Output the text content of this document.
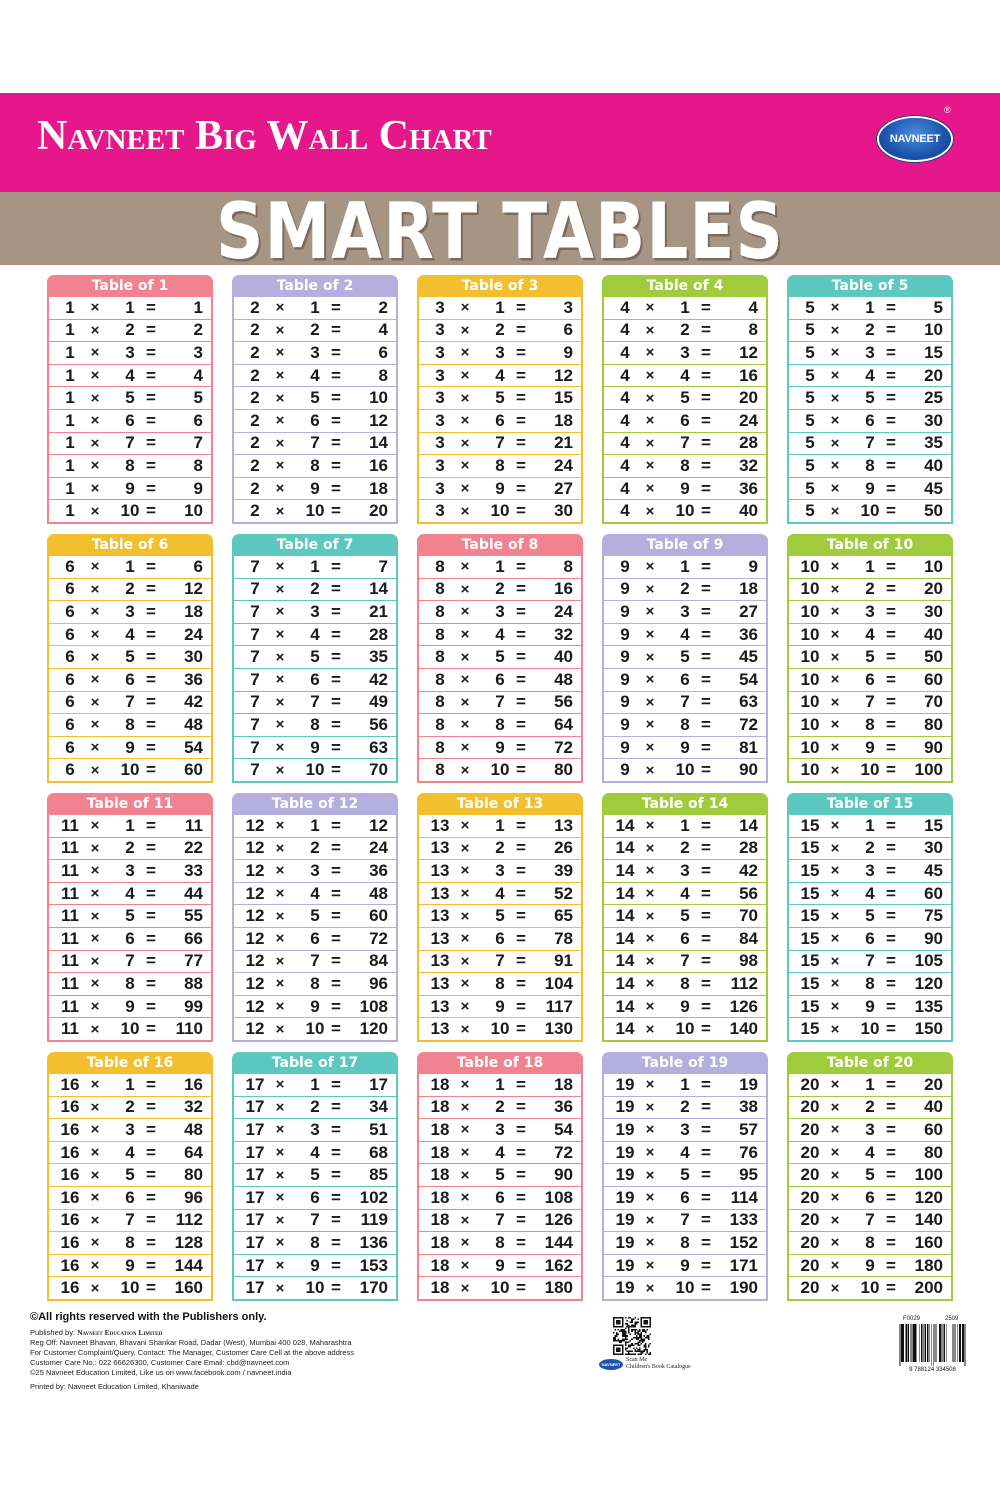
Navneet Big Wall Chart	NAVNEET
®
SMART TABLES
Table of 1
1	×	1 = 1
1	×	2 = 2
1	×	3 = 3
1	×	4 = 4
1	×	5 = 5
1	×	6 = 6
1	×	7 = 7
1	×	8 = 8
1	×	9 = 9
1	×	10 = 10
Table of 2
2	×	1 = 2
2	×	2 = 4
2	×	3 = 6
2	×	4 = 8
2	×	5 = 10
2	×	6 = 12
2	×	7 = 14
2	×	8 = 16
2	×	9 = 18
2	×	10 = 20
Table of 3
3	×	1 = 3
3	×	2 = 6
3	×	3 = 9
3	×	4 = 12
3	×	5 = 15
3	×	6 = 18
3	×	7 = 21
3	×	8 = 24
3	×	9 = 27
3	×	10 = 30
Table of 4
4	×	1 = 4
4	×	2 = 8
4	×	3 = 12
4	×	4 = 16
4	×	5 = 20
4	×	6 = 24
4	×	7 = 28
4	×	8 = 32
4	×	9 = 36
4	×	10 = 40
Table of 5
5	×	1 = 5
5	×	2 = 10
5	×	3 = 15
5	×	4 = 20
5	×	5 = 25
5	×	6 = 30
5	×	7 = 35
5	×	8 = 40
5	×	9 = 45
5	×	10 = 50
Table of 6
6	×	1 = 6
6	×	2 = 12
6	×	3 = 18
6	×	4 = 24
6	×	5 = 30
6	×	6 = 36
6	×	7 = 42
6	×	8 = 48
6	×	9 = 54
6	×	10 = 60
Table of 7
7	×	1 = 7
7	×	2 = 14
7	×	3 = 21
7	×	4 = 28
7	×	5 = 35
7	×	6 = 42
7	×	7 = 49
7	×	8 = 56
7	×	9 = 63
7	×	10 = 70
Table of 8
8	×	1 = 8
8	×	2 = 16
8	×	3 = 24
8	×	4 = 32
8	×	5 = 40
8	×	6 = 48
8	×	7 = 56
8	×	8 = 64
8	×	9 = 72
8	×	10 = 80
Table of 9
9	×	1 = 9
9	×	2 = 18
9	×	3 = 27
9	×	4 = 36
9	×	5 = 45
9	×	6 = 54
9	×	7 = 63
9	×	8 = 72
9	×	9 = 81
9	×	10 = 90
Table of 10
10 ×	1 = 10
10 ×	2 = 20
10 ×	3 = 30
10 ×	4 = 40
10 ×	5 = 50
10 ×	6 = 60
10 ×	7 = 70
10 ×	8 = 80
10 ×	9 = 90
10 ×	10 = 100
Table of 11
11 ×	1 = 11
11 ×	2 = 22
11 ×	3 = 33
11 ×	4 = 44
11 ×	5 = 55
11 ×	6 = 66
11 ×	7 = 77
11 ×	8 = 88
11 ×	9 = 99
11 ×	10 = 110
Table of 12
12 ×	1 = 12
12 ×	2 = 24
12 ×	3 = 36
12 ×	4 = 48
12 ×	5 = 60
12 ×	6 = 72
12 ×	7 = 84
12 ×	8 = 96
12 ×	9 = 108
12 ×	10 = 120
Table of 13
13 ×	1 = 13
13 ×	2 = 26
13 ×	3 = 39
13 ×	4 = 52
13 ×	5 = 65
13 ×	6 = 78
13 ×	7 = 91
13 ×	8 = 104
13 ×	9 = 117
13 ×	10 = 130
Table of 14
14 ×	1 = 14
14 ×	2 = 28
14 ×	3 = 42
14 ×	4 = 56
14 ×	5 = 70
14 ×	6 = 84
14 ×	7 = 98
14 ×	8 = 112
14 ×	9 = 126
14 ×	10 = 140
Table of 15
15 ×	1 = 15
15 ×	2 = 30
15 ×	3 = 45
15 ×	4 = 60
15 ×	5 = 75
15 ×	6 = 90
15 ×	7 = 105
15 ×	8 = 120
15 ×	9 = 135
15 ×	10 = 150
Table of 16
16 ×	1 = 16
16 ×	2 = 32
16 ×	3 = 48
16 ×	4 = 64
16 ×	5 = 80
16 ×	6 = 96
16 ×	7 = 112
16 ×	8 = 128
16 ×	9 = 144
16 ×	10 = 160
Table of 17
17 ×	1 = 17
17 ×	2 = 34
17 ×	3 = 51
17 ×	4 = 68
17 ×	5 = 85
17 ×	6 = 102
17 ×	7 = 119
17 ×	8 = 136
17 ×	9 = 153
17 ×	10 = 170
Table of 18
18 ×	1 = 18
18 ×	2 = 36
18 ×	3 = 54
18 ×	4 = 72
18 ×	5 = 90
18 ×	6 = 108
18 ×	7 = 126
18 ×	8 = 144
18 ×	9 = 162
18 ×	10 = 180
Table of 19
19 ×	1 = 19
19 ×	2 = 38
19 ×	3 = 57
19 ×	4 = 76
19 ×	5 = 95
19 ×	6 = 114
19 ×	7 = 133
19 ×	8 = 152
19 ×	9 = 171
19 ×	10 = 190
Table of 20
20 ×	1 = 20
20 ×	2 = 40
20 ×	3 = 60
20 ×	4 = 80
20 ×	5 = 100
20 ×	6 = 120
20 ×	7 = 140
20 ×	8 = 160
20 ×	9 = 180
20 ×	10 = 200
©All rights reserved with the Publishers only.
Published by: Navneet Education Limited
Reg Off: Navneet Bhavan, Bhavani Shankar Road, Dadar (West), Mumbai 400 028, Maharashtra
For Customer Complaint/Query, Contact: The Manager, Customer Care Cell at the above address
Customer Care No.: 022 66626300, Customer Care Email: cbd@navneet.com
©25 Navneet Education Limited, Like us on www.facebook.com / navneet.india
Printed by: Navneet Education Limited, Khaniwade
NAVNEET
Scan Me
Children's Book Catalogue
F0029	2509
9 788124 334508
